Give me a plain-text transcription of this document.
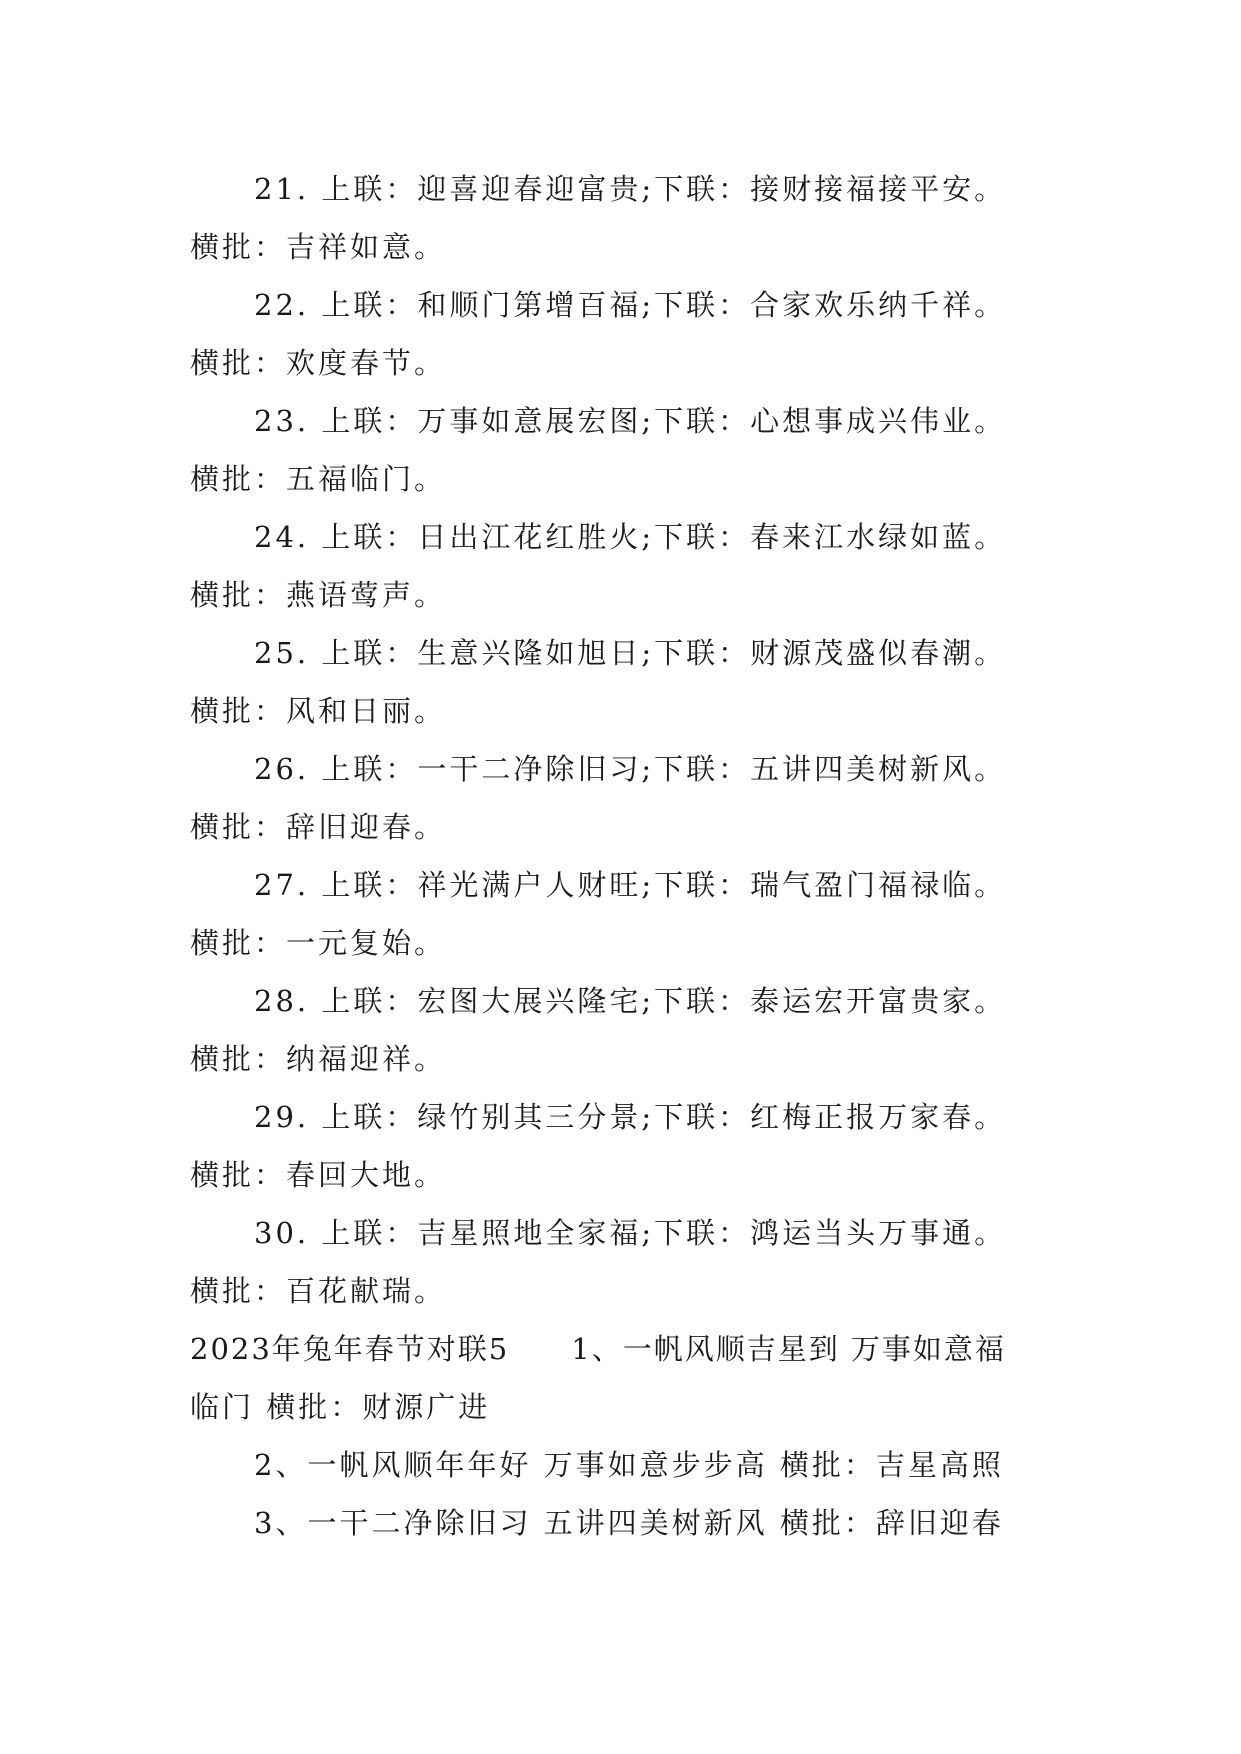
21. 上联：迎喜迎春迎富贵;下联：接财接福接平安。
横批：吉祥如意。
22. 上联：和顺门第增百福;下联：合家欢乐纳千祥。
横批：欢度春节。
23. 上联：万事如意展宏图;下联：心想事成兴伟业。
横批：五福临门。
24. 上联：日出江花红胜火;下联：春来江水绿如蓝。
横批：燕语莺声。
25. 上联：生意兴隆如旭日;下联：财源茂盛似春潮。
横批：风和日丽。
26. 上联：一干二净除旧习;下联：五讲四美树新风。
横批：辞旧迎春。
27. 上联：祥光满户人财旺;下联：瑞气盈门福禄临。
横批：一元复始。
28. 上联：宏图大展兴隆宅;下联：泰运宏开富贵家。
横批：纳福迎祥。
29. 上联：绿竹别其三分景;下联：红梅正报万家春。
横批：春回大地。
30. 上联：吉星照地全家福;下联：鸿运当头万事通。
横批：百花献瑞。
2023年兔年春节对联5 1、一帆风顺吉星到 万事如意福
临门 横批：财源广进
2、一帆风顺年年好 万事如意步步高 横批：吉星高照
3、一干二净除旧习 五讲四美树新风 横批：辞旧迎春
